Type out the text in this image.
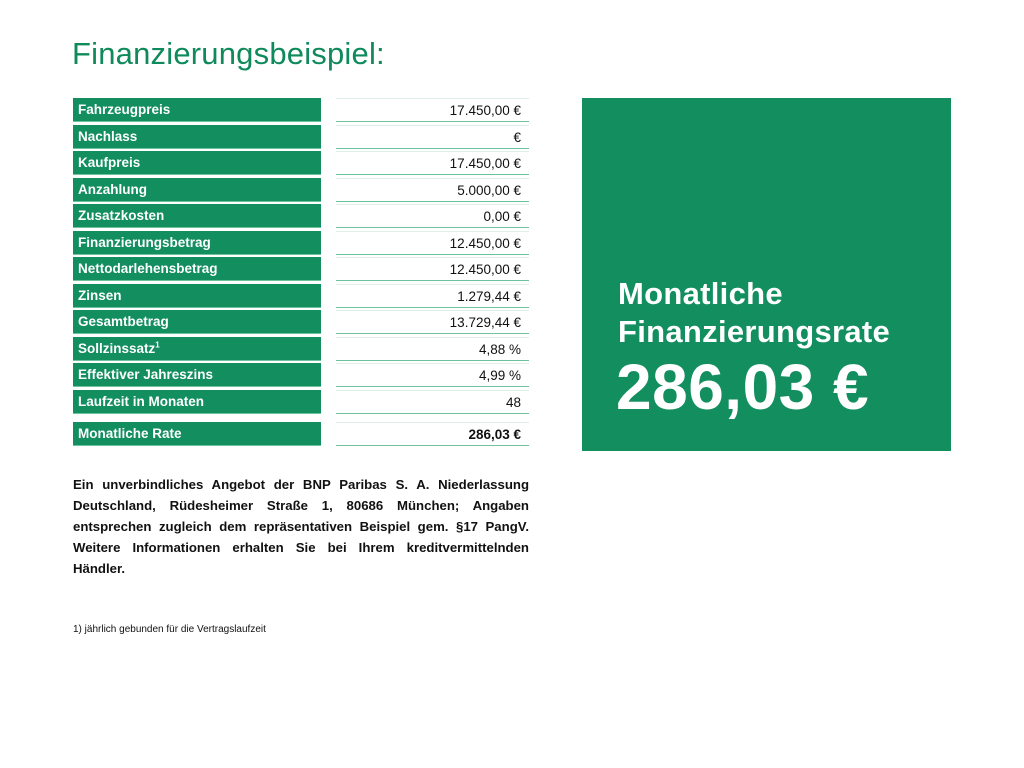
Finanzierungsbeispiel:
Fahrzeugpreis	17.450,00 €
Nachlass	€
Kaufpreis	17.450,00 €
Anzahlung	5.000,00 €
Zusatzkosten	0,00 €
Finanzierungsbetrag	12.450,00 €
Nettodarlehensbetrag	12.450,00 €
Zinsen	1.279,44 €
Gesamtbetrag	13.729,44 €
Sollzinssatz$^1$	4,88 %
Effektiver Jahreszins	4,99 %
Laufzeit in Monaten	48
Monatliche Rate	286,03 €
Ein unverbindliches Angebot der BNP Paribas S. A. Niederlassung Deutschland, Rüdesheimer Straße 1, 80686 München; Angaben entsprechen zugleich dem repräsentativen Beispiel gem. §17 PangV. Weitere Informationen erhalten Sie bei Ihrem kreditvermittelnden Händler.
1) jährlich gebunden für die Vertragslaufzeit
Monatliche
Finanzierungsrate
286,03 €
